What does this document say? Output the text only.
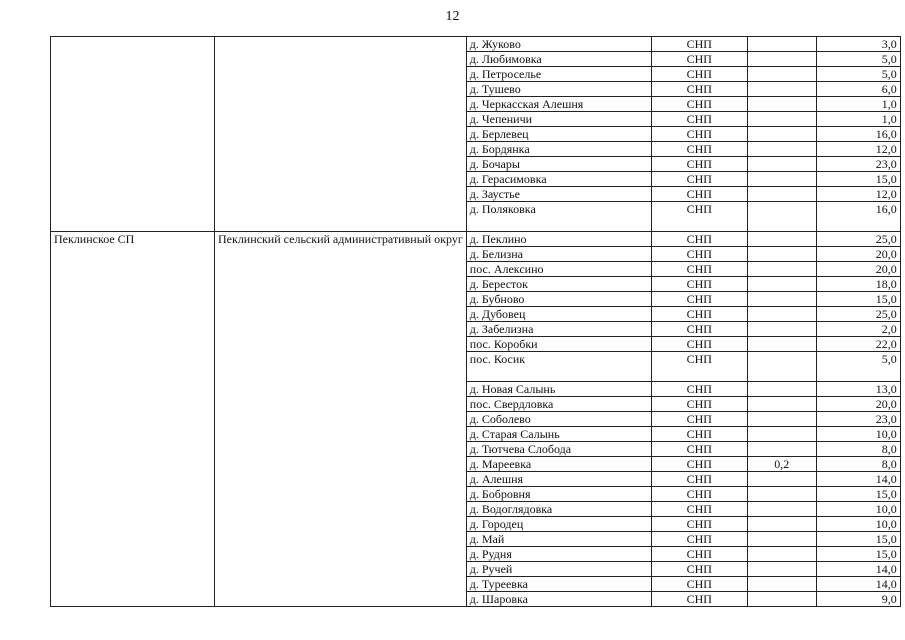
12
		д. Жуково	СНП		3,0
		д. Любимовка	СНП		5,0
		д. Петроселье	СНП		5,0
		д. Тушево	СНП		6,0
		д. Черкасская Алешня	СНП		1,0
		д. Чепеничи	СНП		1,0
		д. Берлевец	СНП		16,0
		д. Бордянка	СНП		12,0
		д. Бочары	СНП		23,0
		д. Герасимовка	СНП		15,0
		д. Заустье	СНП		12,0
		д. Поляковка	СНП		16,0
Пеклинское СП	Пеклинский сельский административный округ	д. Пеклино	СНП		25,0
		д. Белизна	СНП		20,0
		пос. Алексино	СНП		20,0
		д. Бересток	СНП		18,0
		д. Бубново	СНП		15,0
		д. Дубовец	СНП		25,0
		д. Забелизна	СНП		2,0
		пос. Коробки	СНП		22,0
		пос. Косик	СНП		5,0
		д. Новая Салынь	СНП		13,0
		пос. Свердловка	СНП		20,0
		д. Соболево	СНП		23,0
		д. Старая Салынь	СНП		10,0
		д. Тютчева Слобода	СНП		8,0
		д. Мареевка	СНП	0,2	8,0
		д. Алешня	СНП		14,0
		д. Бобровня	СНП		15,0
		д. Водоглядовка	СНП		10,0
		д. Городец	СНП		10,0
		д. Май	СНП		15,0
		д. Рудня	СНП		15,0
		д. Ручей	СНП		14,0
		д. Туреевка	СНП		14,0
		д. Шаровка	СНП		9,0
